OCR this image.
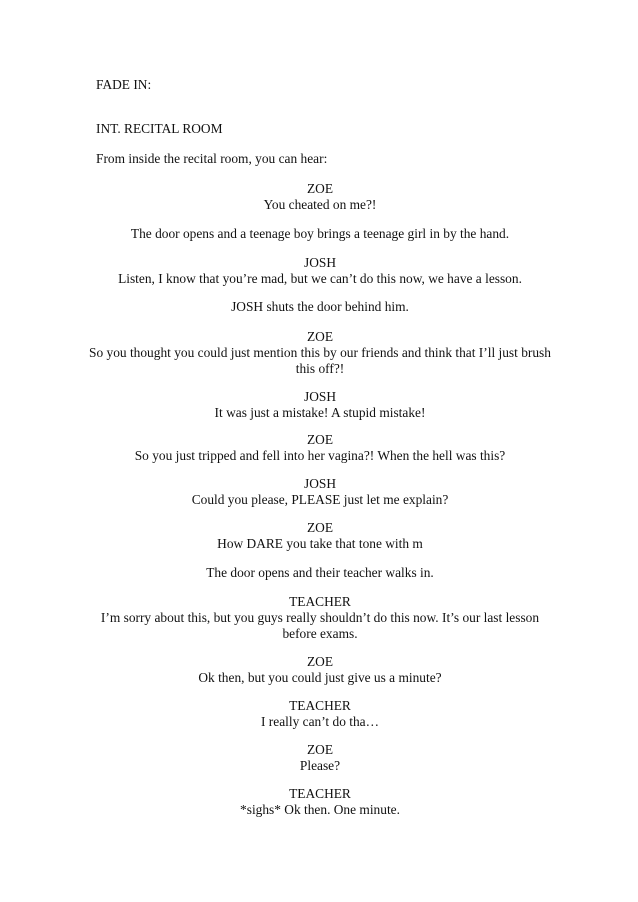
FADE IN:
INT. RECITAL ROOM
From inside the recital room, you can hear:
ZOE
You cheated on me?!
The door opens and a teenage boy brings a teenage girl in by the hand.
JOSH
Listen, I know that you’re mad, but we can’t do this now, we have a lesson.
JOSH shuts the door behind him.
ZOE
So you thought you could just mention this by our friends and think that I’ll just brush this off?!
JOSH
It was just a mistake! A stupid mistake!
ZOE
So you just tripped and fell into her vagina?! When the hell was this?
JOSH
Could you please, PLEASE just let me explain?
ZOE
How DARE you take that tone with m
The door opens and their teacher walks in.
TEACHER
I’m sorry about this, but you guys really shouldn’t do this now. It’s our last lesson before exams.
ZOE
Ok then, but you could just give us a minute?
TEACHER
I really can’t do tha…
ZOE
Please?
TEACHER
*sighs* Ok then. One minute.
